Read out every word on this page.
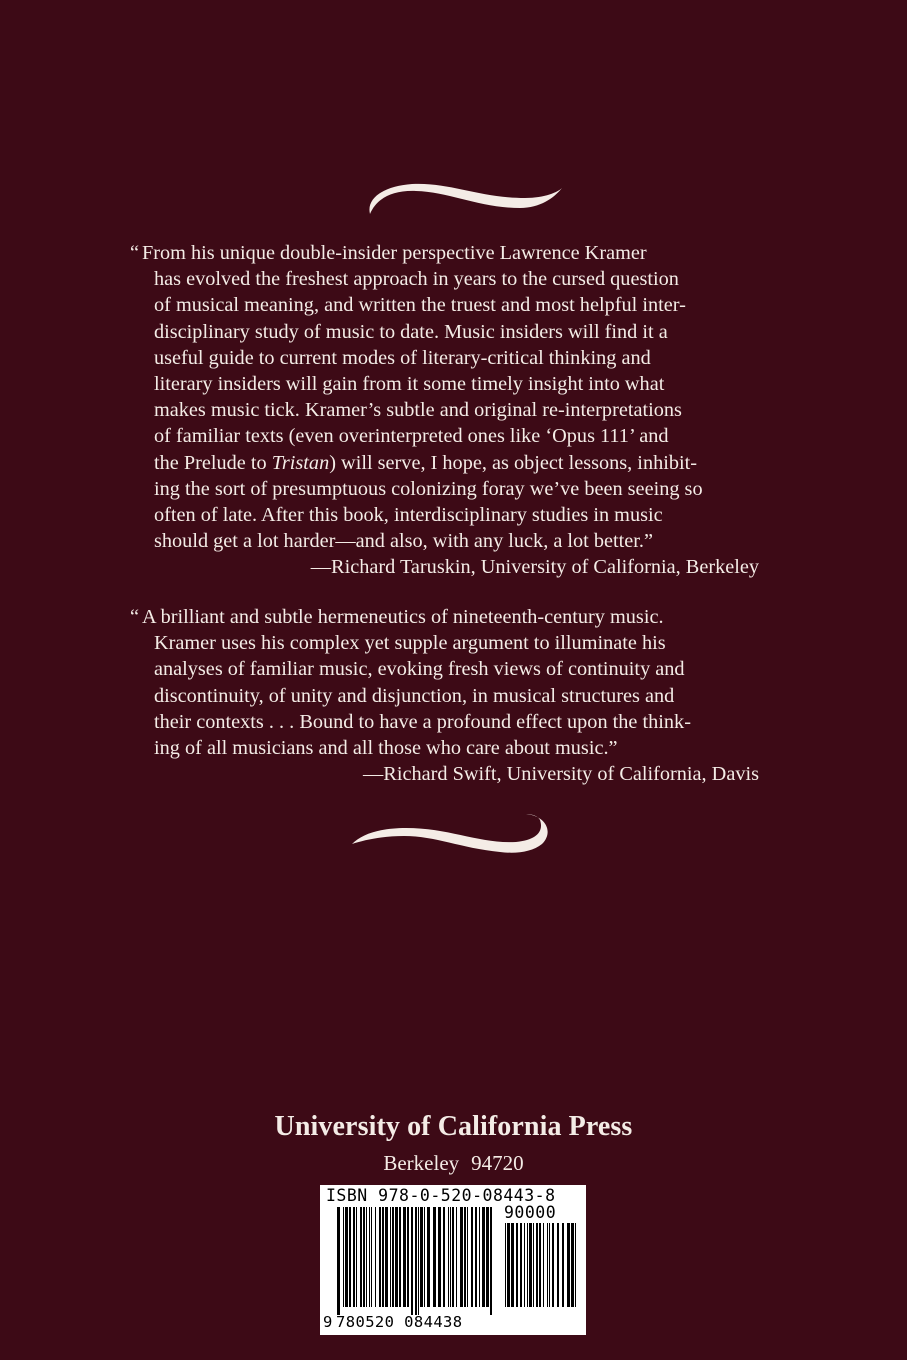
“ From his unique double-insider perspective Lawrence Kramer
has evolved the freshest approach in years to the cursed question
of musical meaning, and written the truest and most helpful inter-
disciplinary study of music to date. Music insiders will find it a
useful guide to current modes of literary-critical thinking and
literary insiders will gain from it some timely insight into what
makes music tick. Kramer’s subtle and original re-interpretations
of familiar texts (even overinterpreted ones like ‘Opus 111’ and
the Prelude to Tristan) will serve, I hope, as object lessons, inhibit-
ing the sort of presumptuous colonizing foray we’ve been seeing so
often of late. After this book, interdisciplinary studies in music
should get a lot harder—and also, with any luck, a lot better.”
—Richard Taruskin, University of California, Berkeley
“ A brilliant and subtle hermeneutics of nineteenth-century music.
Kramer uses his complex yet supple argument to illuminate his
analyses of familiar music, evoking fresh views of continuity and
discontinuity, of unity and disjunction, in musical structures and
their contexts . . . Bound to have a profound effect upon the think-
ing of all musicians and all those who care about music.”
—Richard Swift, University of California, Davis
University of California Press
Berkeley 94720
ISBN 978-0-520-08443-8
90000
9 780520 084438
